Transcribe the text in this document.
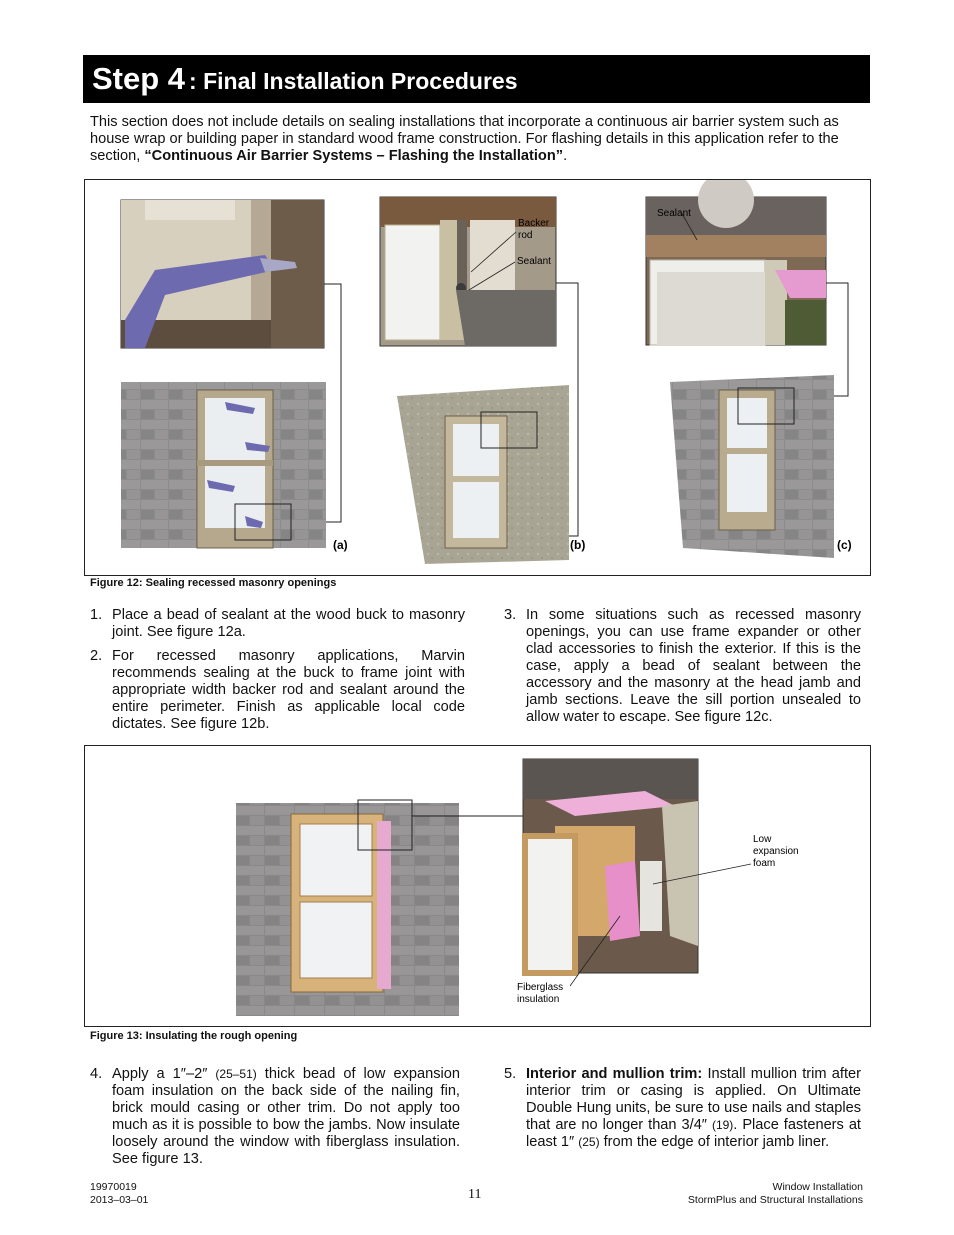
Step 4 : Final Installation Procedures
This section does not include details on sealing installations that incorporate a continuous air barrier system such as house wrap or building paper in standard wood frame construction. For flashing details in this application refer to the section, “Continuous Air Barrier Systems – Flashing the Installation”.
(a)
Backer
rod
Sealant
(b)
Sealant
(c)
Figure 12: Sealing recessed masonry openings
1. Place a bead of sealant at the wood buck to masonry joint. See figure 12a.
2. For recessed masonry applications, Marvin recommends sealing at the buck to frame joint with appropriate width backer rod and sealant around the entire perimeter. Finish as applicable local code dictates. See figure 12b.
3. In some situations such as recessed masonry openings, you can use frame expander or other clad accessories to finish the exterior. If this is the case, apply a bead of sealant between the accessory and the masonry at the head jamb and jamb sections. Leave the sill portion unsealed to allow water to escape. See figure 12c.
Low
expansion
foam
Fiberglass
insulation
Figure 13: Insulating the rough opening
4. Apply a 1″–2″ (25–51) thick bead of low expansion foam insulation on the back side of the nailing fin, brick mould casing or other trim. Do not apply too much as it is possible to bow the jambs. Now insulate loosely around the window with fiberglass insulation. See figure 13.
5. Interior and mullion trim: Install mullion trim after interior trim or casing is applied. On Ultimate Double Hung units, be sure to use nails and staples that are no longer than 3/4″ (19). Place fasteners at least 1″ (25) from the edge of interior jamb liner.
19970019
2013–03–01	11	Window Installation
StormPlus and Structural Installations
